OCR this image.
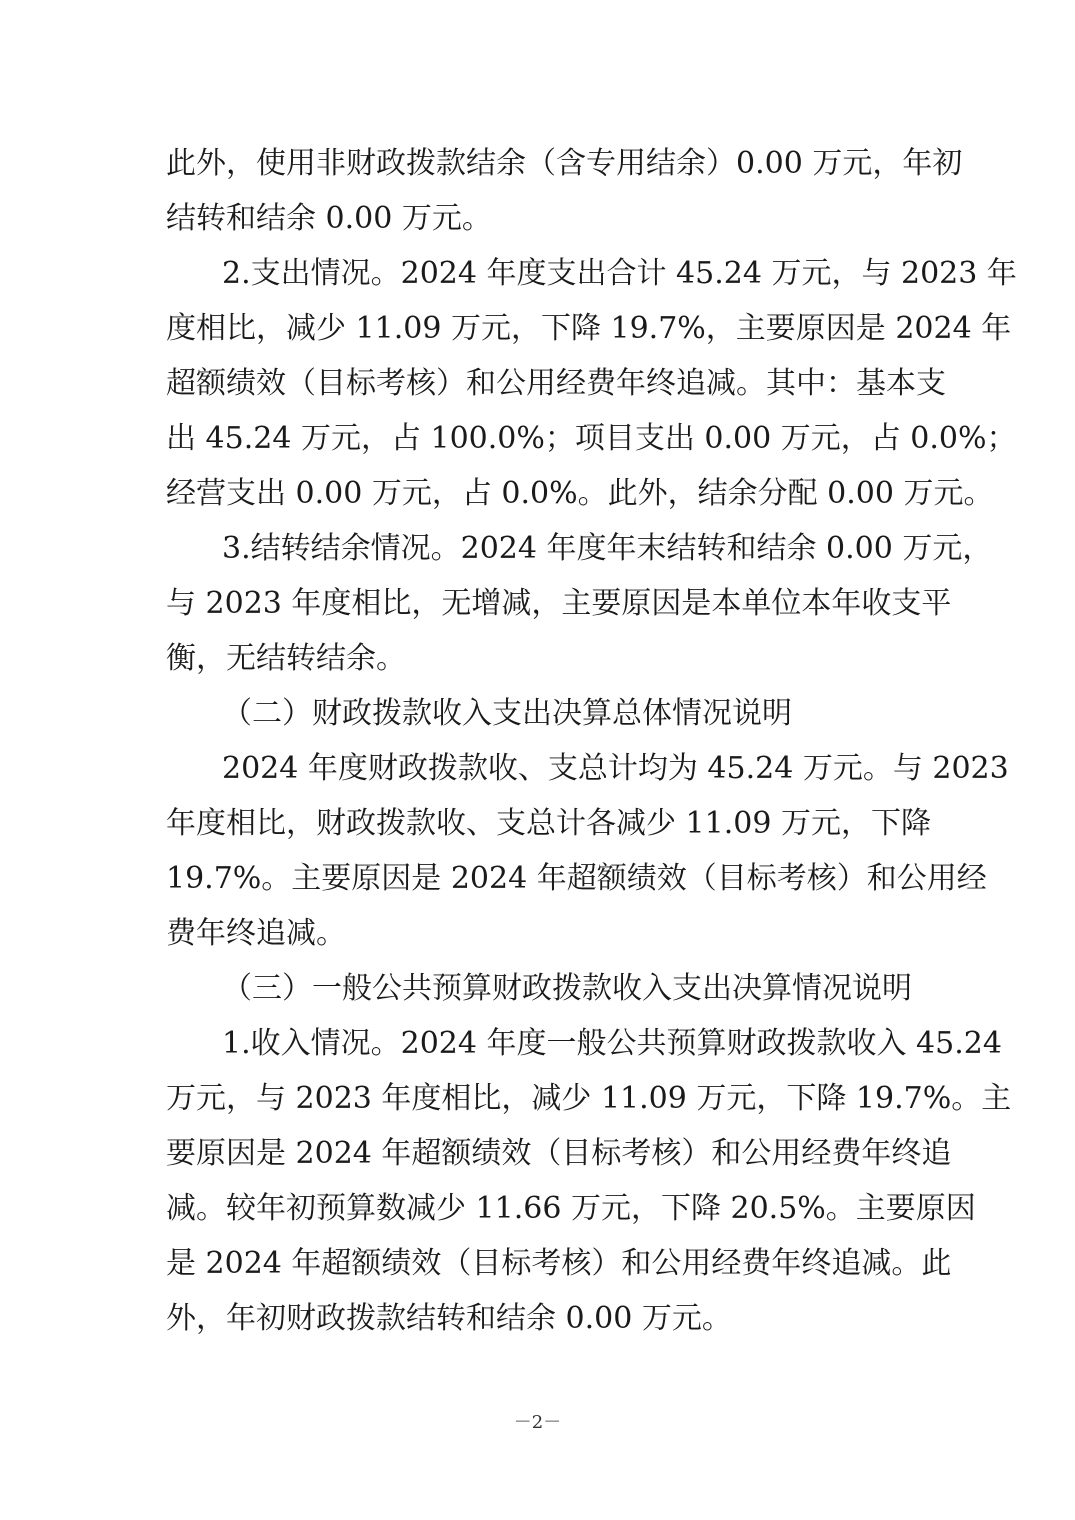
此外，使用非财政拨款结余（含专用结余）0.00 万元，年初
结转和结余 0.00 万元。
2.支出情况。2024 年度支出合计 45.24 万元，与 2023 年
度相比，减少 11.09 万元，下降 19.7%，主要原因是 2024 年
超额绩效（目标考核）和公用经费年终追减。其中：基本支
出 45.24 万元，占 100.0%；项目支出 0.00 万元，占 0.0%；
经营支出 0.00 万元，占 0.0%。此外，结余分配 0.00 万元。
3.结转结余情况。2024 年度年末结转和结余 0.00 万元，
与 2023 年度相比，无增减，主要原因是本单位本年收支平
衡，无结转结余。
（二）财政拨款收入支出决算总体情况说明
2024 年度财政拨款收、支总计均为 45.24 万元。与 2023
年度相比，财政拨款收、支总计各减少 11.09 万元，下降
19.7%。主要原因是 2024 年超额绩效（目标考核）和公用经
费年终追减。
（三）一般公共预算财政拨款收入支出决算情况说明
1.收入情况。2024 年度一般公共预算财政拨款收入 45.24
万元，与 2023 年度相比，减少 11.09 万元，下降 19.7%。主
要原因是 2024 年超额绩效（目标考核）和公用经费年终追
减。较年初预算数减少 11.66 万元，下降 20.5%。主要原因
是 2024 年超额绩效（目标考核）和公用经费年终追减。此
外，年初财政拨款结转和结余 0.00 万元。
－2－
